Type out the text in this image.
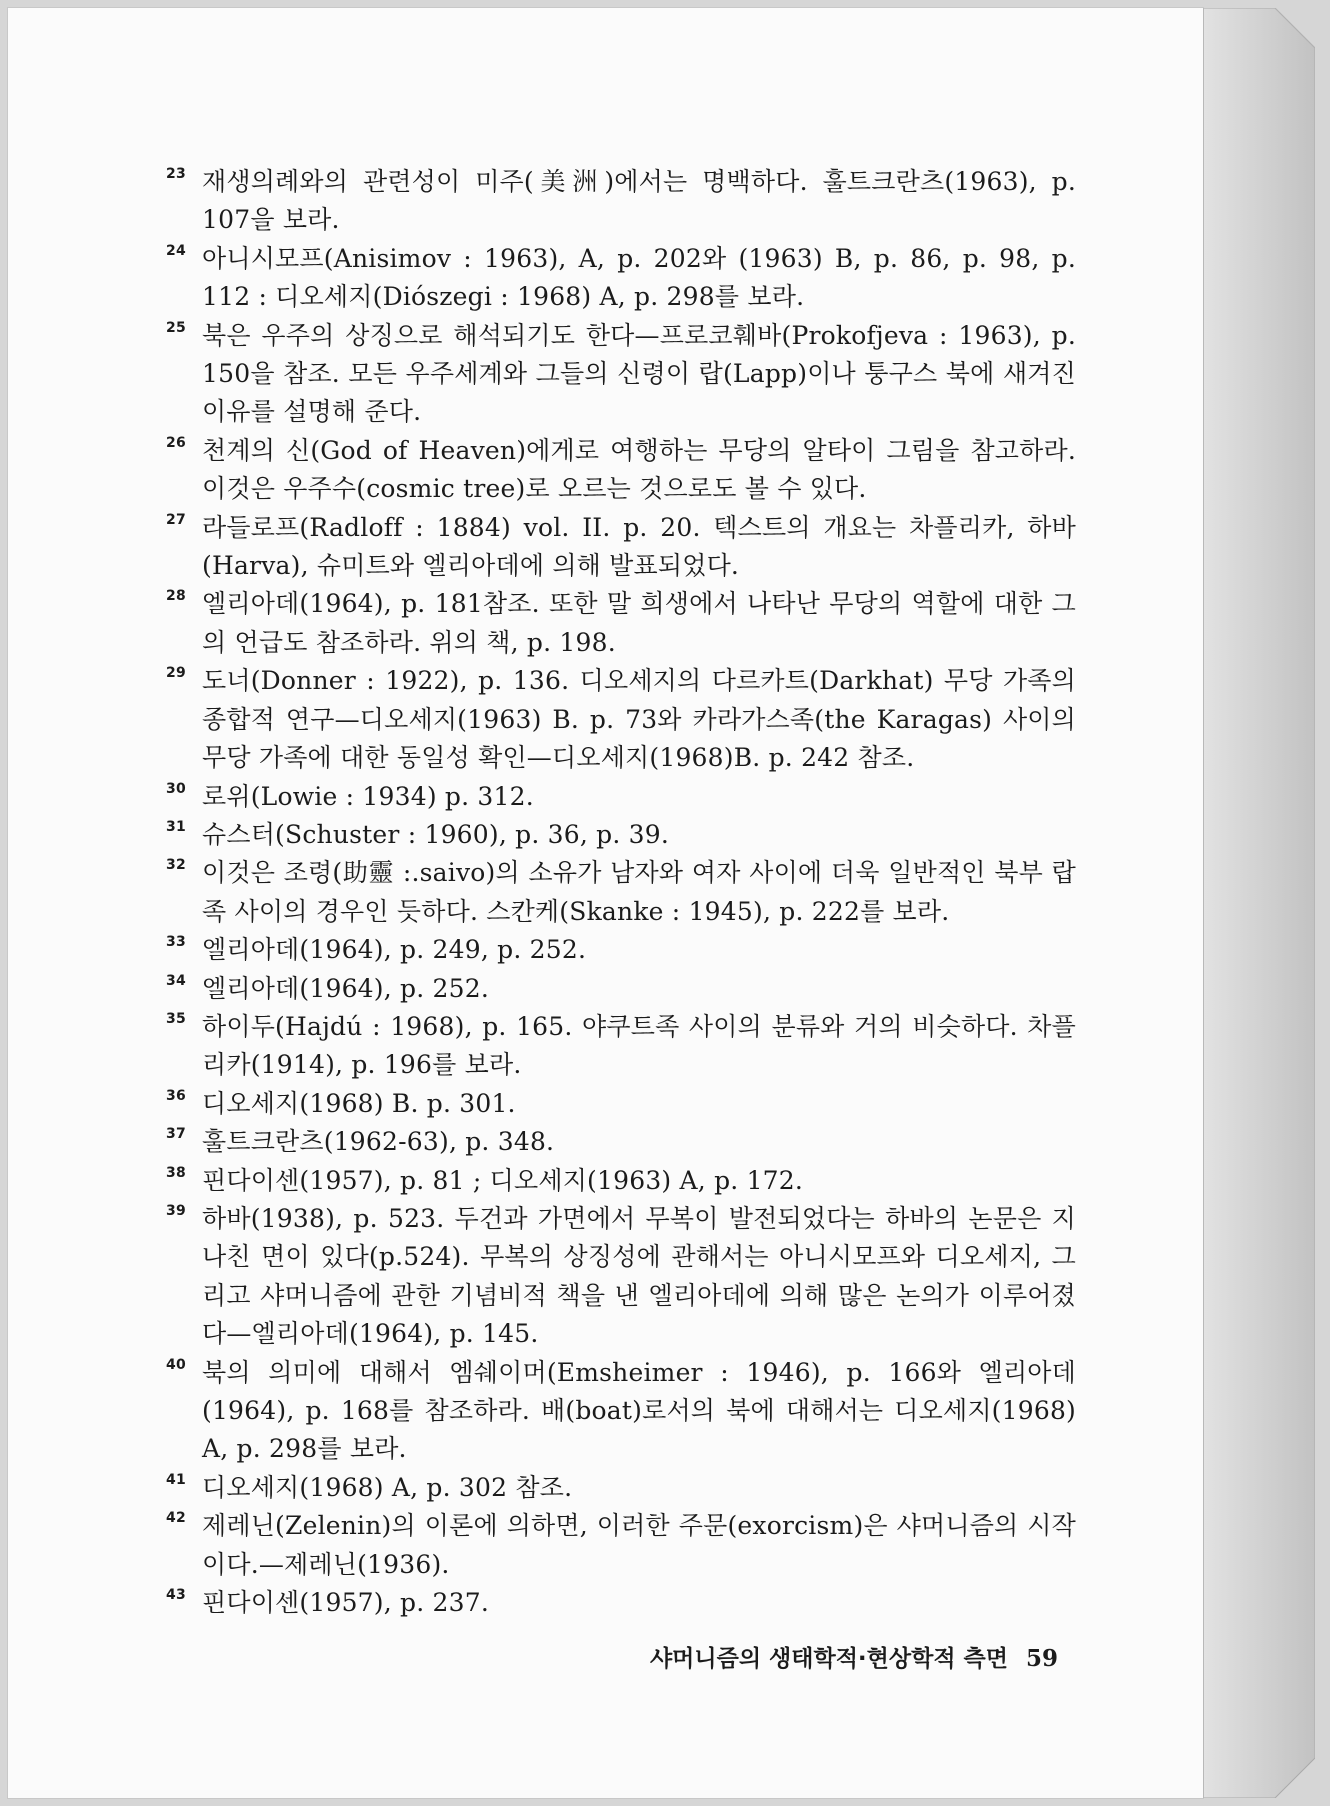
23 재생의례와의 관련성이 미주(美洲)에서는 명백하다. 훌트크란츠(1963), p. 107을 보라.
24 아니시모프(Anisimov : 1963), A, p. 202와 (1963) B, p. 86, p. 98, p. 112 : 디오세지(Diószegi : 1968) A, p. 298를 보라.
25 북은 우주의 상징으로 해석되기도 한다—프로코훼바(Prokofjeva : 1963), p. 150을 참조. 모든 우주세계와 그들의 신령이 랍(Lapp)이나 퉁구스 북에 새겨진 이유를 설명해 준다.
26 천계의 신(God of Heaven)에게로 여행하는 무당의 알타이 그림을 참고하라. 이것은 우주수(cosmic tree)로 오르는 것으로도 볼 수 있다.
27 라들로프(Radloff : 1884) vol. II. p. 20. 텍스트의 개요는 차플리카, 하바(Harva), 슈미트와 엘리아데에 의해 발표되었다.
28 엘리아데(1964), p. 181참조. 또한 말 희생에서 나타난 무당의 역할에 대한 그의 언급도 참조하라. 위의 책, p. 198.
29 도너(Donner : 1922), p. 136. 디오세지의 다르카트(Darkhat) 무당 가족의 종합적 연구—디오세지(1963) B. p. 73와 카라가스족(the Karagas) 사이의 무당 가족에 대한 동일성 확인—디오세지(1968)B. p. 242 참조.
30 로위(Lowie : 1934) p. 312.
31 슈스터(Schuster : 1960), p. 36, p. 39.
32 이것은 조령(助靈 :.saivo)의 소유가 남자와 여자 사이에 더욱 일반적인 북부 랍 족 사이의 경우인 듯하다. 스칸케(Skanke : 1945), p. 222를 보라.
33 엘리아데(1964), p. 249, p. 252.
34 엘리아데(1964), p. 252.
35 하이두(Hajdú : 1968), p. 165. 야쿠트족 사이의 분류와 거의 비슷하다. 차플리카(1914), p. 196를 보라.
36 디오세지(1968) B. p. 301.
37 훌트크란츠(1962-63), p. 348.
38 핀다이센(1957), p. 81 ; 디오세지(1963) A, p. 172.
39 하바(1938), p. 523. 두건과 가면에서 무복이 발전되었다는 하바의 논문은 지나친 면이 있다(p.524). 무복의 상징성에 관해서는 아니시모프와 디오세지, 그리고 샤머니즘에 관한 기념비적 책을 낸 엘리아데에 의해 많은 논의가 이루어졌다—엘리아데(1964), p. 145.
40 북의 의미에 대해서 엠쉐이머(Emsheimer : 1946), p. 166와 엘리아데(1964), p. 168를 참조하라. 배(boat)로서의 북에 대해서는 디오세지(1968) A, p. 298를 보라.
41 디오세지(1968) A, p. 302 참조.
42 제레닌(Zelenin)의 이론에 의하면, 이러한 주문(exorcism)은 샤머니즘의 시작이다.—제레닌(1936).
43 핀다이센(1957), p. 237.
샤머니즘의 생태학적·현상학적 측면 59
